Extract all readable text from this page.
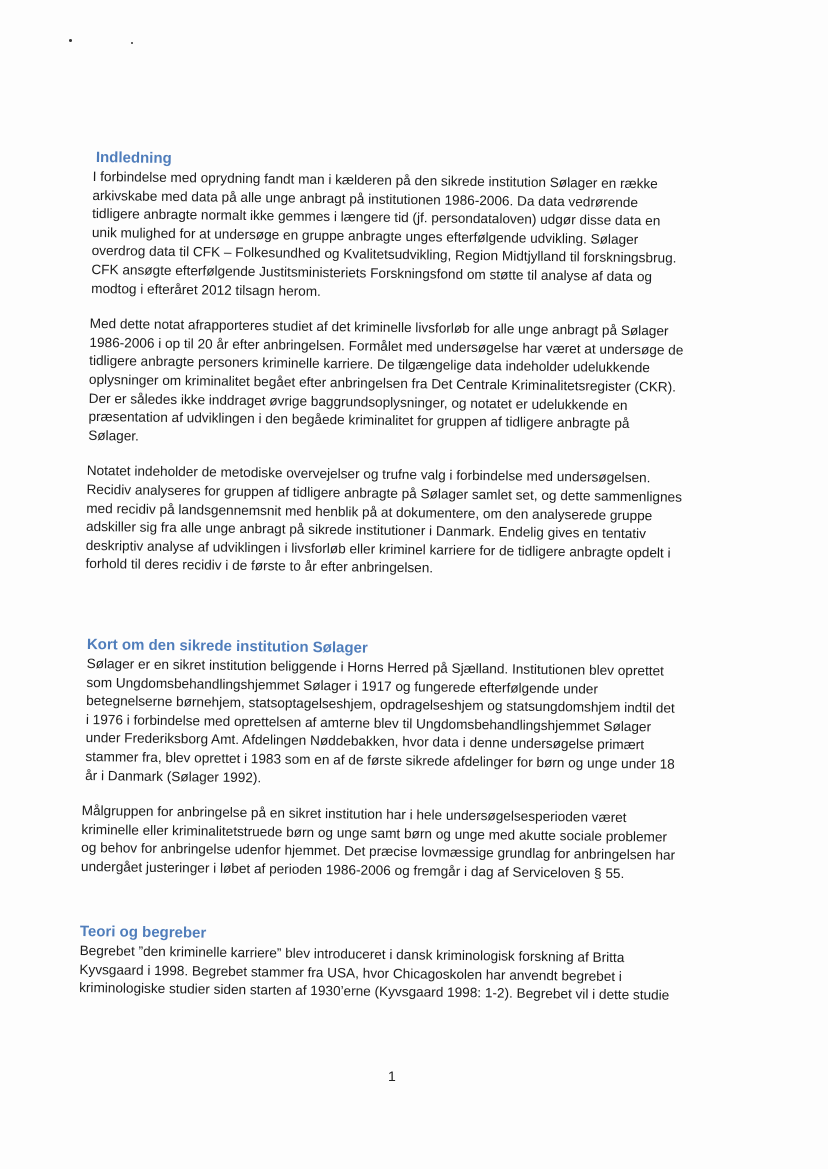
Indledning

I forbindelse med oprydning fandt man i kælderen på den sikrede institution Sølager en række
arkivskabe med data på alle unge anbragt på institutionen 1986-2006. Da data vedrørende
tidligere anbragte normalt ikke gemmes i længere tid (jf. persondataloven) udgør disse data en
unik mulighed for at undersøge en gruppe anbragte unges efterfølgende udvikling. Sølager
overdrog data til CFK – Folkesundhed og Kvalitetsudvikling, Region Midtjylland til forskningsbrug.
CFK ansøgte efterfølgende Justitsministeriets Forskningsfond om støtte til analyse af data og
modtog i efteråret 2012 tilsagn herom.

Med dette notat afrapporteres studiet af det kriminelle livsforløb for alle unge anbragt på Sølager
1986-2006 i op til 20 år efter anbringelsen. Formålet med undersøgelse har været at undersøge de
tidligere anbragte personers kriminelle karriere. De tilgængelige data indeholder udelukkende
oplysninger om kriminalitet begået efter anbringelsen fra Det Centrale Kriminalitetsregister (CKR).
Der er således ikke inddraget øvrige baggrundsoplysninger, og notatet er udelukkende en
præsentation af udviklingen i den begåede kriminalitet for gruppen af tidligere anbragte på
Sølager.

Notatet indeholder de metodiske overvejelser og trufne valg i forbindelse med undersøgelsen.
Recidiv analyseres for gruppen af tidligere anbragte på Sølager samlet set, og dette sammenlignes
med recidiv på landsgennemsnit med henblik på at dokumentere, om den analyserede gruppe
adskiller sig fra alle unge anbragt på sikrede institutioner i Danmark. Endelig gives en tentativ
deskriptiv analyse af udviklingen i livsforløb eller kriminel karriere for de tidligere anbragte opdelt i
forhold til deres recidiv i de første to år efter anbringelsen.

Kort om den sikrede institution Sølager

Sølager er en sikret institution beliggende i Horns Herred på Sjælland. Institutionen blev oprettet
som Ungdomsbehandlingshjemmet Sølager i 1917 og fungerede efterfølgende under
betegnelserne børnehjem, statsoptagelseshjem, opdragelseshjem og statsungdomshjem indtil det
i 1976 i forbindelse med oprettelsen af amterne blev til Ungdomsbehandlingshjemmet Sølager
under Frederiksborg Amt. Afdelingen Nøddebakken, hvor data i denne undersøgelse primært
stammer fra, blev oprettet i 1983 som en af de første sikrede afdelinger for børn og unge under 18
år i Danmark (Sølager 1992).

Målgruppen for anbringelse på en sikret institution har i hele undersøgelsesperioden været
kriminelle eller kriminalitetstruede børn og unge samt børn og unge med akutte sociale problemer
og behov for anbringelse udenfor hjemmet. Det præcise lovmæssige grundlag for anbringelsen har
undergået justeringer i løbet af perioden 1986-2006 og fremgår i dag af Serviceloven § 55.

Teori og begreber

Begrebet ”den kriminelle karriere” blev introduceret i dansk kriminologisk forskning af Britta
Kyvsgaard i 1998. Begrebet stammer fra USA, hvor Chicagoskolen har anvendt begrebet i
kriminologiske studier siden starten af 1930’erne (Kyvsgaard 1998: 1-2). Begrebet vil i dette studie

1
